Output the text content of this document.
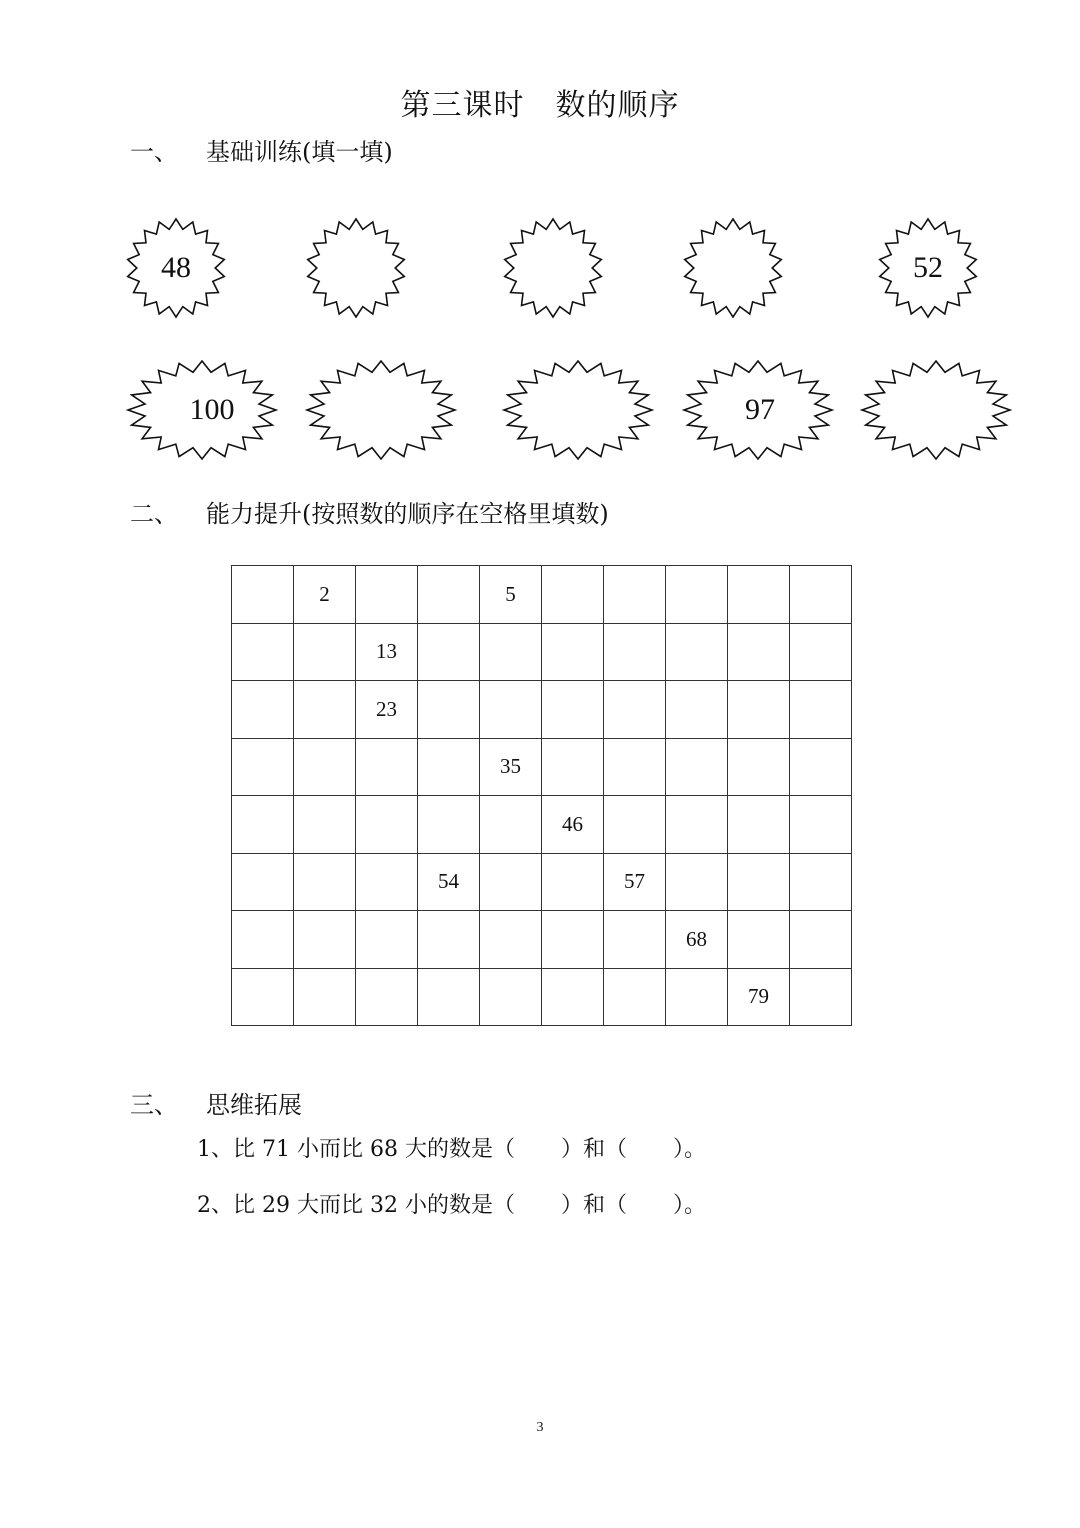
第三课时　数的顺序
一、 基础训练(填一填)
48	52
100	97
二、 能力提升(按照数的顺序在空格里填数)
	2			5					
		13							
		23							
				35					
					46				
			54			57			
							68		
								79	
三、 思维拓展
1、比 71 小而比 68 大的数是（ ）和（ ）。
2、比 29 大而比 32 小的数是（ ）和（ ）。
3
